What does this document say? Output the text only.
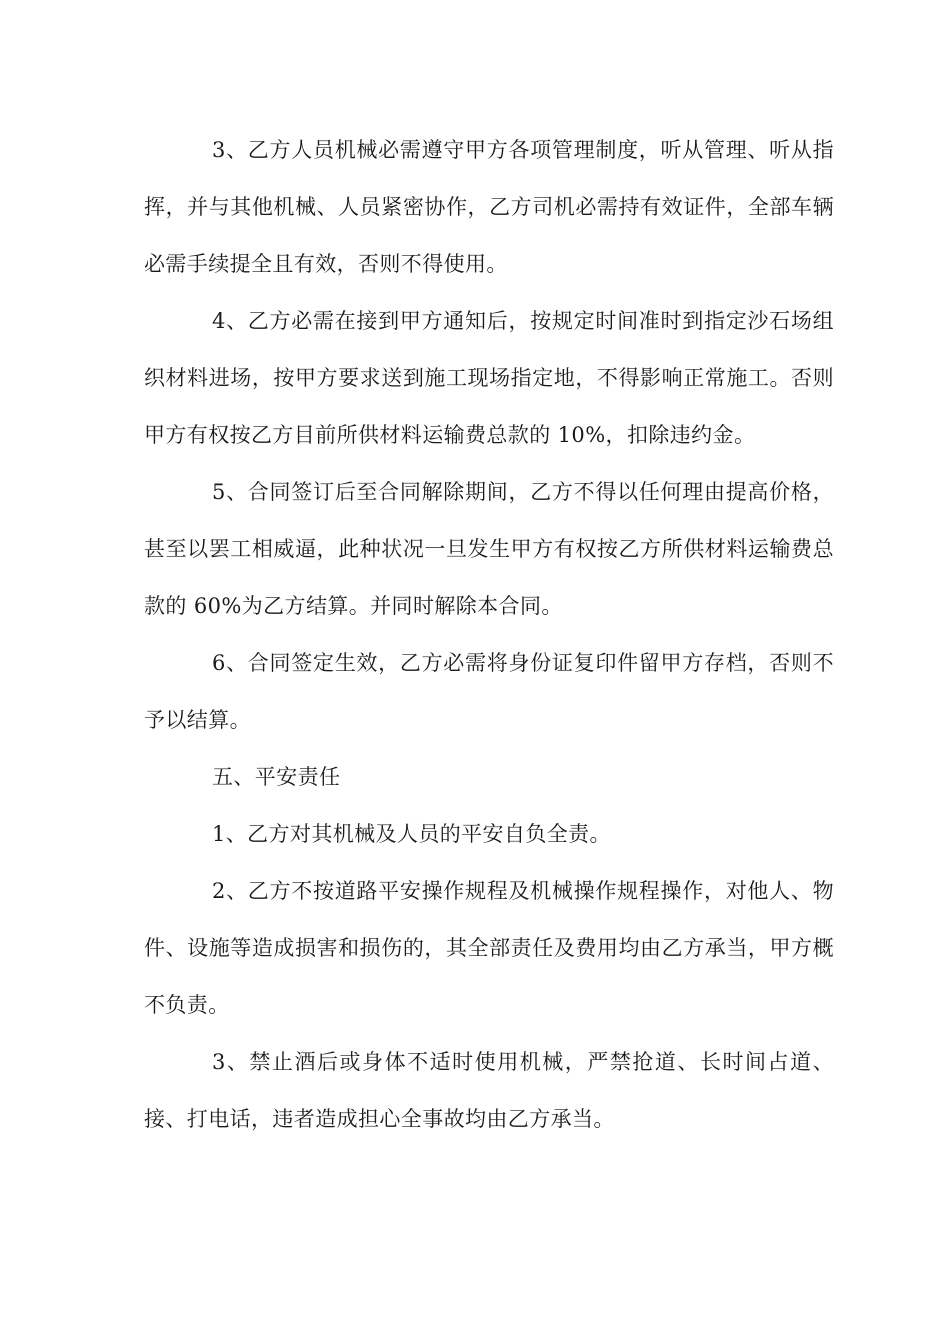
3、乙方人员机械必需遵守甲方各项管理制度，听从管理、听从指挥，并与其他机械、人员紧密协作，乙方司机必需持有效证件，全部车辆必需手续提全且有效，否则不得使用。

4、乙方必需在接到甲方通知后，按规定时间准时到指定沙石场组织材料进场，按甲方要求送到施工现场指定地，不得影响正常施工。否则甲方有权按乙方目前所供材料运输费总款的 10%，扣除违约金。

5、合同签订后至合同解除期间，乙方不得以任何理由提高价格，甚至以罢工相威逼，此种状况一旦发生甲方有权按乙方所供材料运输费总款的 60%为乙方结算。并同时解除本合同。

6、合同签定生效，乙方必需将身份证复印件留甲方存档，否则不予以结算。

五、平安责任

1、乙方对其机械及人员的平安自负全责。

2、乙方不按道路平安操作规程及机械操作规程操作，对他人、物件、设施等造成损害和损伤的，其全部责任及费用均由乙方承当，甲方概不负责。

3、禁止酒后或身体不适时使用机械，严禁抢道、长时间占道、接、打电话，违者造成担心全事故均由乙方承当。
